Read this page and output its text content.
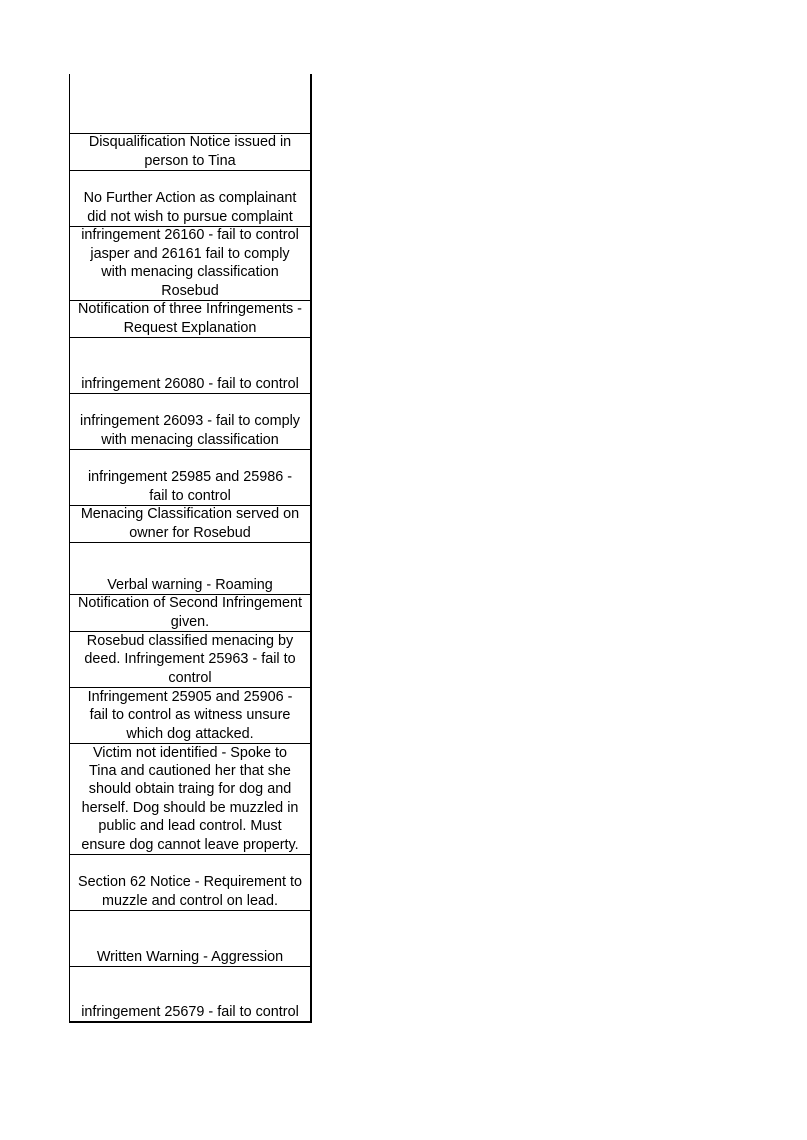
Disqualification Notice issued in
person to Tina
No Further Action as complainant
did not wish to pursue complaint
infringement 26160 - fail to control
jasper and 26161 fail to comply
with menacing classification
Rosebud
Notification of three Infringements -
Request Explanation
infringement 26080 - fail to control
infringement 26093 - fail to comply
with menacing classification
infringement 25985 and 25986 -
fail to control
Menacing Classification served on
owner for Rosebud
Verbal warning - Roaming
Notification of Second Infringement
given.
Rosebud classified menacing by
deed. Infringement 25963 - fail to
control
Infringement 25905 and 25906 -
fail to control as witness unsure
which dog attacked.
Victim not identified - Spoke to
Tina and cautioned her that she
should obtain traing for dog and
herself. Dog should be muzzled in
public and lead control. Must
ensure dog cannot leave property.
Section 62 Notice - Requirement to
muzzle and control on lead.
Written Warning - Aggression
infringement 25679 - fail to control
